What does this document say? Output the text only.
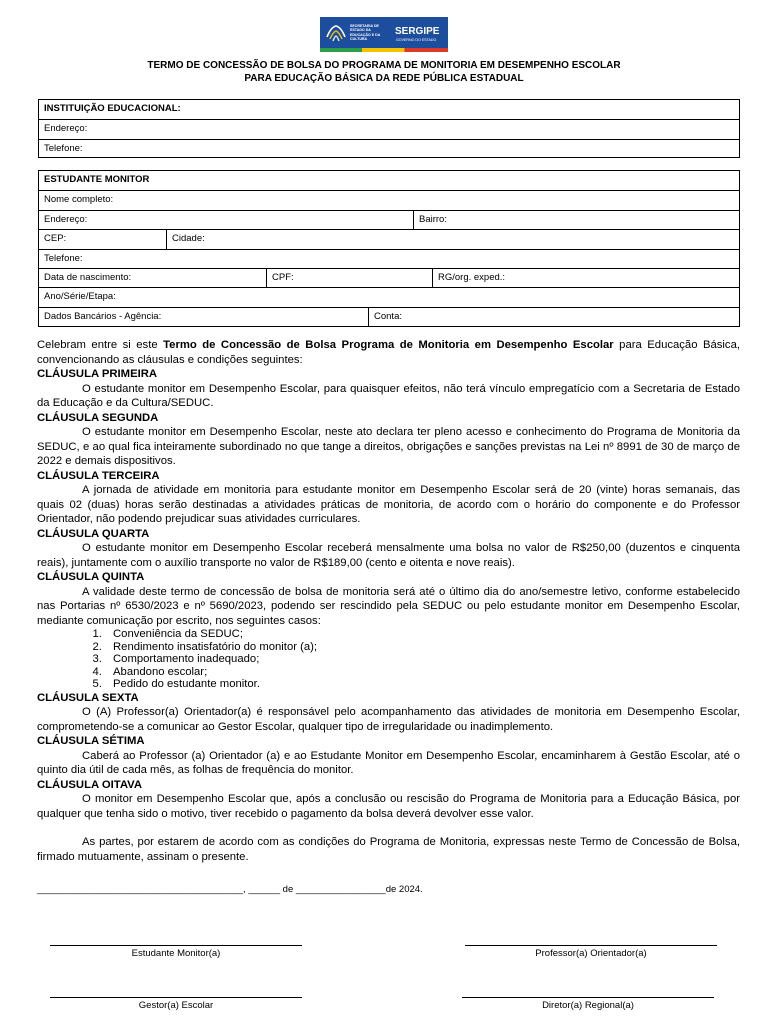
SECRETARIA DE ESTADO DA EDUCAÇÃO E DA CULTURA
SERGIPE
GOVERNO DO ESTADO
TERMO DE CONCESSÃO DE BOLSA DO PROGRAMA DE MONITORIA EM DESEMPENHO ESCOLAR
PARA EDUCAÇÃO BÁSICA DA REDE PÚBLICA ESTADUAL
INSTITUIÇÃO EDUCACIONAL:
Endereço:
Telefone:
ESTUDANTE MONITOR
Nome completo:
Endereço:	Bairro:
CEP:	Cidade:
Telefone:
Data de nascimento:	CPF:	RG/org. exped.:
Ano/Série/Etapa:
Dados Bancários - Agência:	Conta:

Celebram entre si este Termo de Concessão de Bolsa Programa de Monitoria em Desempenho Escolar para Educação Básica, convencionando as cláusulas e condições seguintes:

CLÁUSULA PRIMEIRA

O estudante monitor em Desempenho Escolar, para quaisquer efeitos, não terá vínculo empregatício com a Secretaria de Estado da Educação e da Cultura/SEDUC.

CLÁUSULA SEGUNDA

O estudante monitor em Desempenho Escolar, neste ato declara ter pleno acesso e conhecimento do Programa de Monitoria da SEDUC, e ao qual fica inteiramente subordinado no que tange a direitos, obrigações e sanções previstas na Lei nº 8991 de 30 de março de 2022 e demais dispositivos.

CLÁUSULA TERCEIRA

A jornada de atividade em monitoria para estudante monitor em Desempenho Escolar será de 20 (vinte) horas semanais, das quais 02 (duas) horas serão destinadas a atividades práticas de monitoria, de acordo com o horário do componente e do Professor Orientador, não podendo prejudicar suas atividades curriculares.

CLÁUSULA QUARTA

O estudante monitor em Desempenho Escolar receberá mensalmente uma bolsa no valor de R$250,00 (duzentos e cinquenta reais), juntamente com o auxílio transporte no valor de R$189,00 (cento e oitenta e nove reais).

CLÁUSULA QUINTA

A validade deste termo de concessão de bolsa de monitoria será até o último dia do ano/semestre letivo, conforme estabelecido nas Portarias nº 6530/2023 e nº 5690/2023, podendo ser rescindido pela SEDUC ou pelo estudante monitor em Desempenho Escolar, mediante comunicação por escrito, nos seguintes casos:

1. Conveniência da SEDUC;
2. Rendimento insatisfatório do monitor (a);
3. Comportamento inadequado;
4. Abandono escolar;
5. Pedido do estudante monitor.
CLÁUSULA SEXTA

O (A) Professor(a) Orientador(a) é responsável pelo acompanhamento das atividades de monitoria em Desempenho Escolar, comprometendo-se a comunicar ao Gestor Escolar, qualquer tipo de irregularidade ou inadimplemento.

CLÁUSULA SÉTIMA

Caberá ao Professor (a) Orientador (a) e ao Estudante Monitor em Desempenho Escolar, encaminharem à Gestão Escolar, até o quinto dia útil de cada mês, as folhas de frequência do monitor.

CLÁUSULA OITAVA

O monitor em Desempenho Escolar que, após a conclusão ou rescisão do Programa de Monitoria para a Educação Básica, por qualquer que tenha sido o motivo, tiver recebido o pagamento da bolsa deverá devolver esse valor.

As partes, por estarem de acordo com as condições do Programa de Monitoria, expressas neste Termo de Concessão de Bolsa, firmado mutuamente, assinam o presente.

_______________________________________, ______ de _________________de 2024.
Estudante Monitor(a)	Professor(a) Orientador(a)
Gestor(a) Escolar	Diretor(a) Regional(a)
